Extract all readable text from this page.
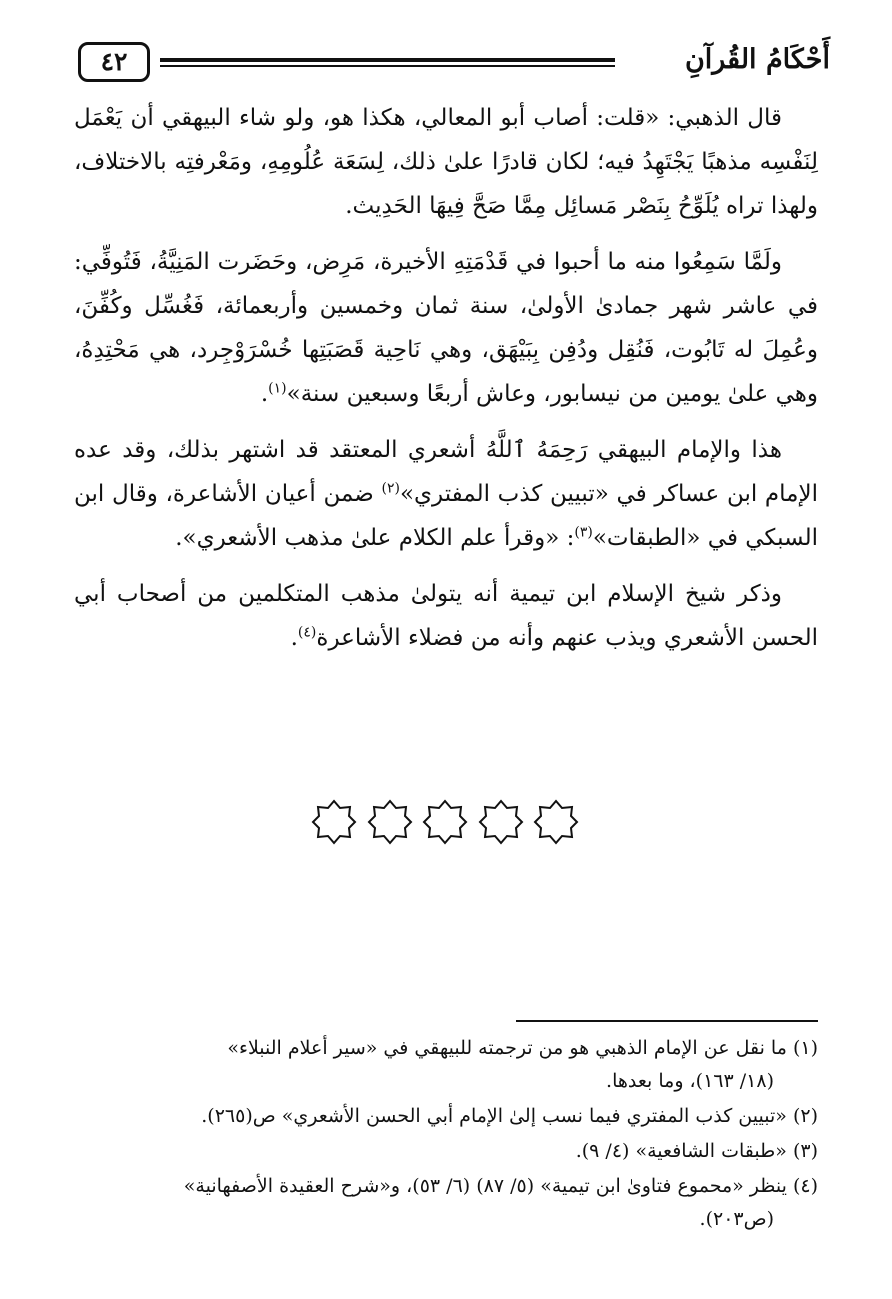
أَحْكَامُ القُرآنِ
٤٢

قال الذهبي: «قلت: أصاب أبو المعالي، هكذا هو، ولو شاء البيهقي أن يَعْمَل لِنَفْسِه مذهبًا يَجْتَهِدُ فيه؛ لكان قادرًا علىٰ ذلك، لِسَعَة عُلُومِهِ، ومَعْرفتِه بالاختلاف، ولهذا تراه يُلَوِّحُ بِنَصْر مَسائِل مِمَّا صَحَّ فِيهَا الحَدِيث.

ولَمَّا سَمِعُوا منه ما أحبوا في قَدْمَتِهِ الأخيرة، مَرِض، وحَضَرت المَنِيَّةُ، فَتُوفِّي: في عاشر شهر جمادىٰ الأولىٰ، سنة ثمان وخمسين وأربعمائة، فَغُسِّل وكُفِّنَ، وعُمِلَ له تَابُوت، فَنُقِل ودُفِن بِبَيْهَق، وهي نَاحِية قَصَبَتِها خُسْرَوْجِرد، هي مَحْتِدِهُ، وهي علىٰ يومين من نيسابور، وعاش أربعًا وسبعين سنة»$^{(١)}$.

هذا والإمام البيهقي رَحِمَهُ ٱللَّهُ أشعري المعتقد قد اشتهر بذلك، وقد عده الإمام ابن عساكر في «تبيين كذب المفتري»$^{(٢)}$ ضمن أعيان الأشاعرة، وقال ابن السبكي في «الطبقات»$^{(٣)}$: «وقرأ علم الكلام علىٰ مذهب الأشعري».

وذكر شيخ الإسلام ابن تيمية أنه يتولىٰ مذهب المتكلمين من أصحاب أبي الحسن الأشعري ويذب عنهم وأنه من فضلاء الأشاعرة$^{(٤)}$.

(١) ما نقل عن الإمام الذهبي هو من ترجمته للبيهقي في «سير أعلام النبلاء»
(١٨/ ١٦٣)، وما بعدها.
(٢) «تبيين كذب المفتري فيما نسب إلىٰ الإمام أبي الحسن الأشعري» ص(٢٦٥).
(٣) «طبقات الشافعية» (٤/ ٩).
(٤) ينظر «محموع فتاوىٰ ابن تيمية» (٥/ ٨٧) (٦/ ٥٣)، و«شرح العقيدة الأصفهانية»
(ص٢٠٣).
